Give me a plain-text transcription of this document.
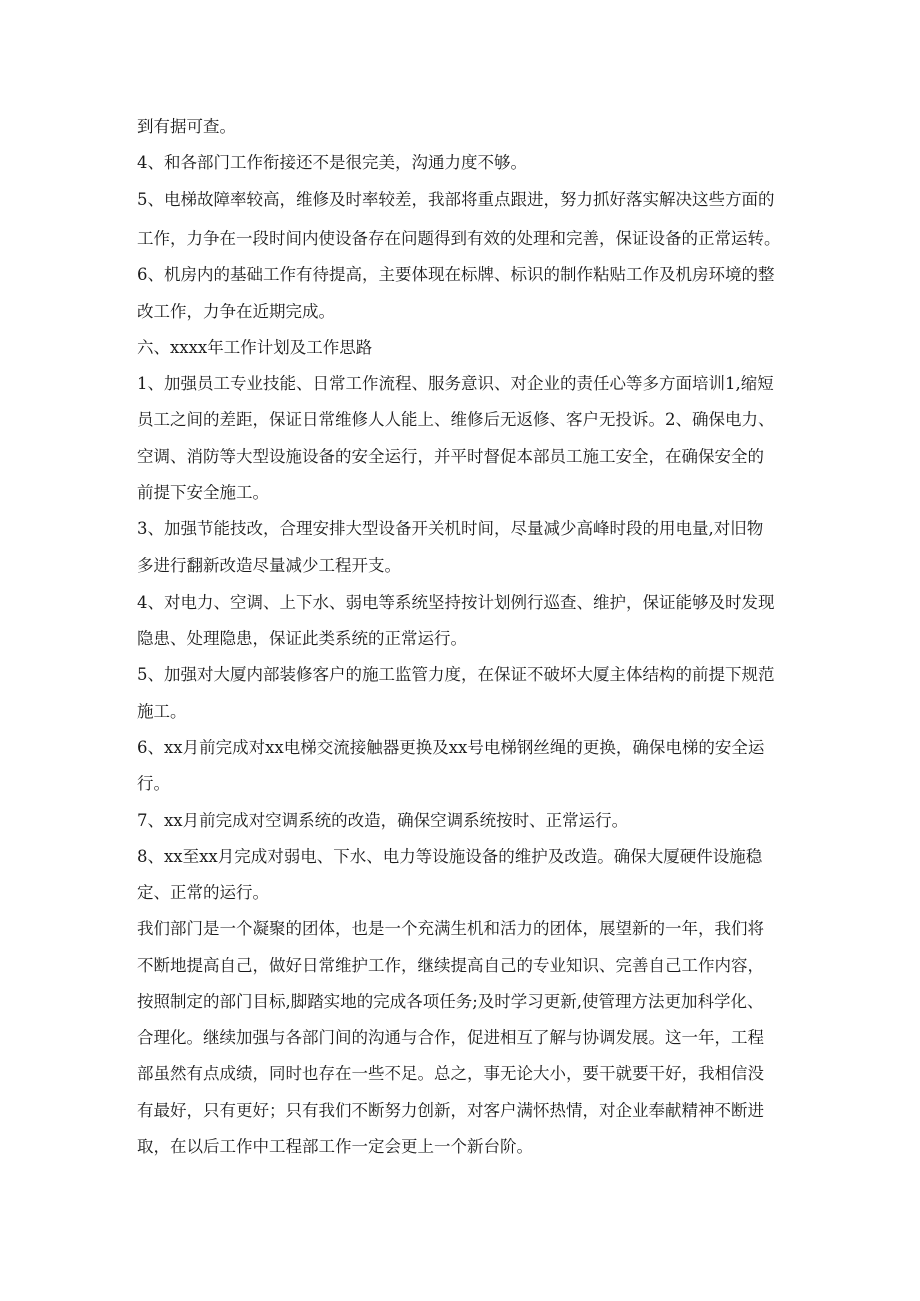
到有据可查。
4、和各部门工作衔接还不是很完美，沟通力度不够。
5、电梯故障率较高，维修及时率较差，我部将重点跟进，努力抓好落实解决这些方面的
工作，力争在一段时间内使设备存在问题得到有效的处理和完善，保证设备的正常运转。
6、机房内的基础工作有待提高，主要体现在标牌、标识的制作粘贴工作及机房环境的整
改工作，力争在近期完成。
六、xxxx年工作计划及工作思路
1、加强员工专业技能、日常工作流程、服务意识、对企业的责任心等多方面培训1,缩短
员工之间的差距，保证日常维修人人能上、维修后无返修、客户无投诉。2、确保电力、
空调、消防等大型设施设备的安全运行，并平时督促本部员工施工安全，在确保安全的
前提下安全施工。
3、加强节能技改，合理安排大型设备开关机时间，尽量减少高峰时段的用电量,对旧物
多进行翻新改造尽量减少工程开支。
4、对电力、空调、上下水、弱电等系统坚持按计划例行巡查、维护，保证能够及时发现
隐患、处理隐患，保证此类系统的正常运行。
5、加强对大厦内部装修客户的施工监管力度，在保证不破坏大厦主体结构的前提下规范
施工。
6、xx月前完成对xx电梯交流接触器更换及xx号电梯钢丝绳的更换，确保电梯的安全运
行。
7、xx月前完成对空调系统的改造，确保空调系统按时、正常运行。
8、xx至xx月完成对弱电、下水、电力等设施设备的维护及改造。确保大厦硬件设施稳
定、正常的运行。
我们部门是一个凝聚的团体，也是一个充满生机和活力的团体，展望新的一年，我们将
不断地提高自己，做好日常维护工作，继续提高自己的专业知识、完善自己工作内容，
按照制定的部门目标,脚踏实地的完成各项任务;及时学习更新,使管理方法更加科学化、
合理化。继续加强与各部门间的沟通与合作，促进相互了解与协调发展。这一年，工程
部虽然有点成绩，同时也存在一些不足。总之，事无论大小，要干就要干好，我相信没
有最好，只有更好；只有我们不断努力创新，对客户满怀热情，对企业奉献精神不断进
取，在以后工作中工程部工作一定会更上一个新台阶。
